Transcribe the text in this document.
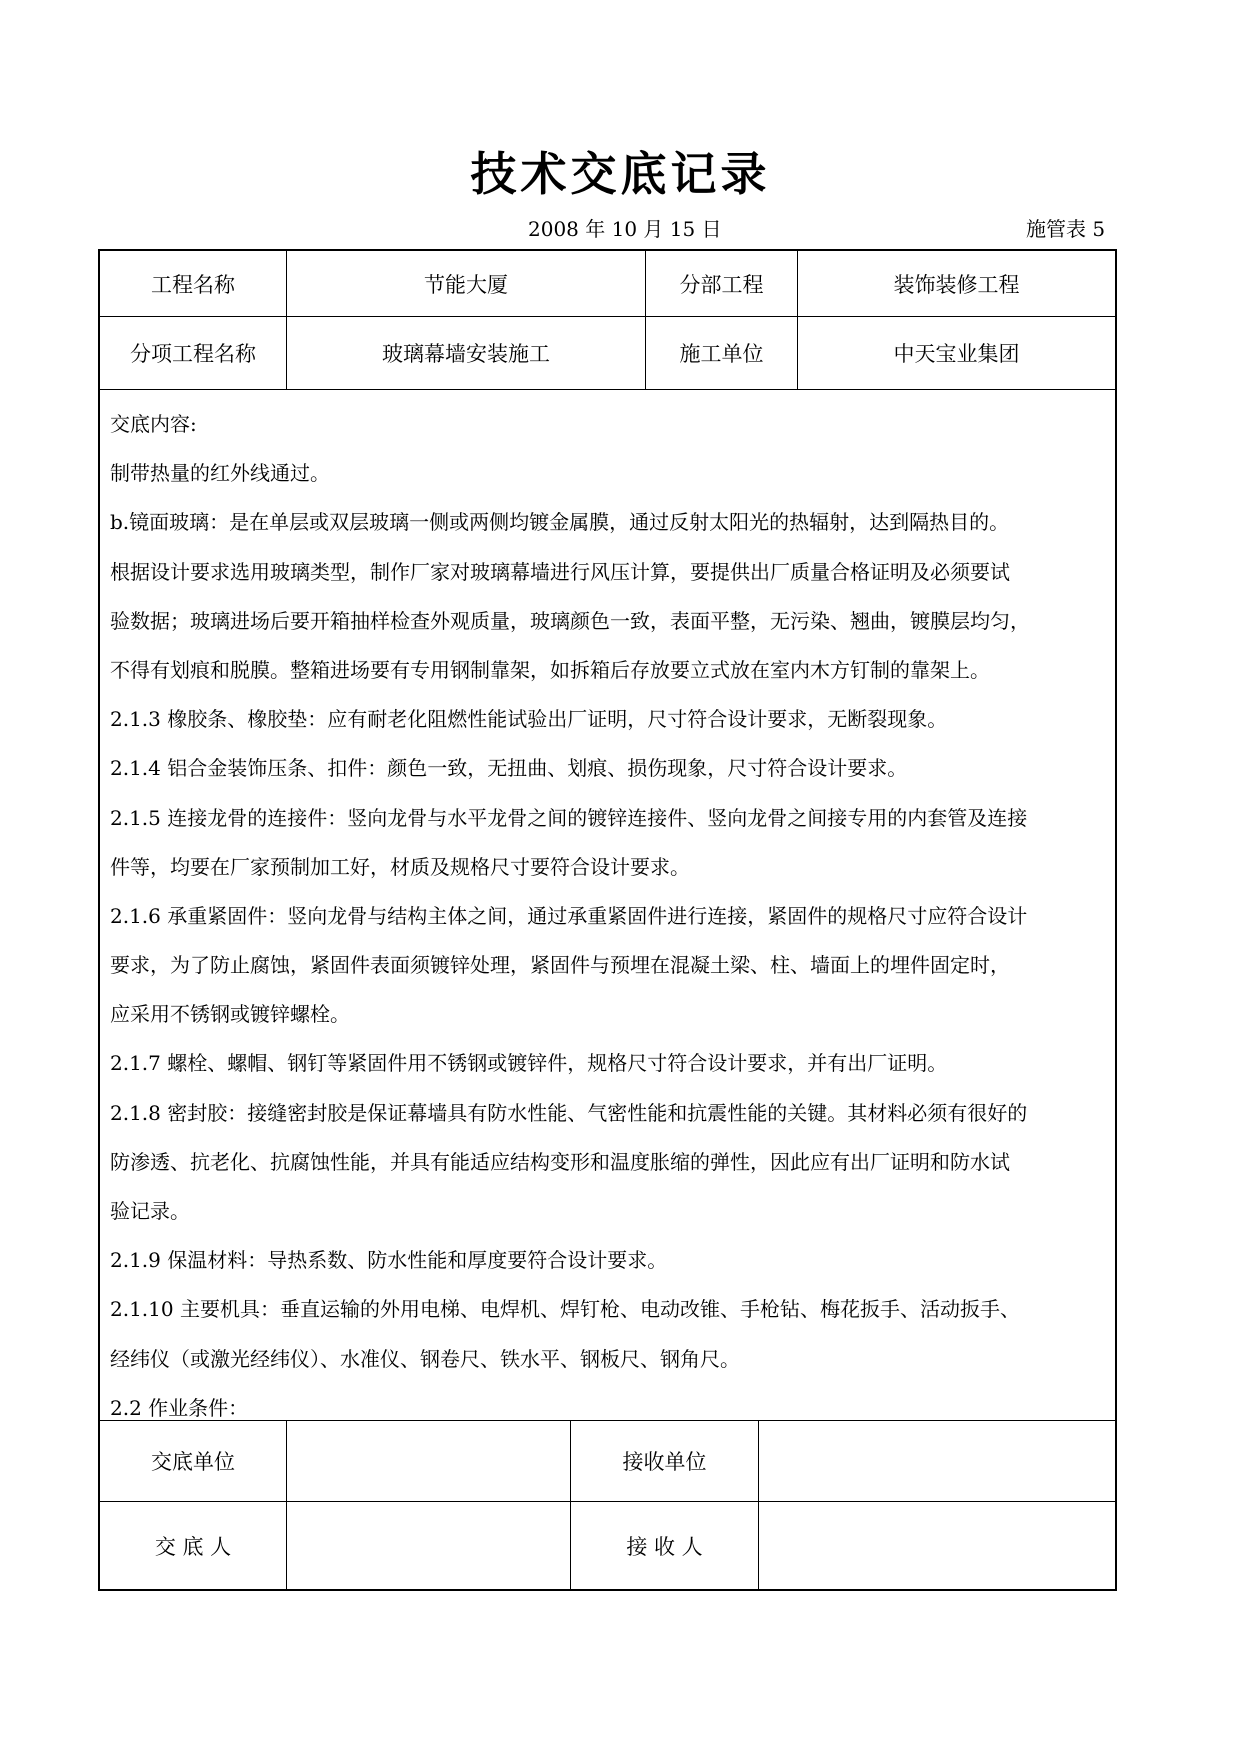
技术交底记录
2008 年 10 月 15 日	施管表 5
工程名称	节能大厦	分部工程	装饰装修工程
分项工程名称	玻璃幕墙安装施工	施工单位	中天宝业集团
交底内容:
制带热量的红外线通过。
b.镜面玻璃：是在单层或双层玻璃一侧或两侧均镀金属膜，通过反射太阳光的热辐射，达到隔热目的。
根据设计要求选用玻璃类型，制作厂家对玻璃幕墙进行风压计算，要提供出厂质量合格证明及必须要试
验数据；玻璃进场后要开箱抽样检查外观质量，玻璃颜色一致，表面平整，无污染、翘曲，镀膜层均匀，
不得有划痕和脱膜。整箱进场要有专用钢制靠架，如拆箱后存放要立式放在室内木方钉制的靠架上。
2.1.3 橡胶条、橡胶垫：应有耐老化阻燃性能试验出厂证明，尺寸符合设计要求，无断裂现象。
2.1.4 铝合金装饰压条、扣件：颜色一致，无扭曲、划痕、损伤现象，尺寸符合设计要求。
2.1.5 连接龙骨的连接件：竖向龙骨与水平龙骨之间的镀锌连接件、竖向龙骨之间接专用的内套管及连接
件等，均要在厂家预制加工好，材质及规格尺寸要符合设计要求。
2.1.6 承重紧固件：竖向龙骨与结构主体之间，通过承重紧固件进行连接，紧固件的规格尺寸应符合设计
要求，为了防止腐蚀，紧固件表面须镀锌处理，紧固件与预埋在混凝土梁、柱、墙面上的埋件固定时，
应采用不锈钢或镀锌螺栓。
2.1.7 螺栓、螺帽、钢钉等紧固件用不锈钢或镀锌件，规格尺寸符合设计要求，并有出厂证明。
2.1.8 密封胶：接缝密封胶是保证幕墙具有防水性能、气密性能和抗震性能的关键。其材料必须有很好的
防渗透、抗老化、抗腐蚀性能，并具有能适应结构变形和温度胀缩的弹性，因此应有出厂证明和防水试
验记录。
2.1.9 保温材料：导热系数、防水性能和厚度要符合设计要求。
2.1.10 主要机具：垂直运输的外用电梯、电焊机、焊钉枪、电动改锥、手枪钻、梅花扳手、活动扳手、
经纬仪（或激光经纬仪）、水准仪、钢卷尺、铁水平、钢板尺、钢角尺。
2.2 作业条件：
交底单位	接收单位
交 底 人	接 收 人
